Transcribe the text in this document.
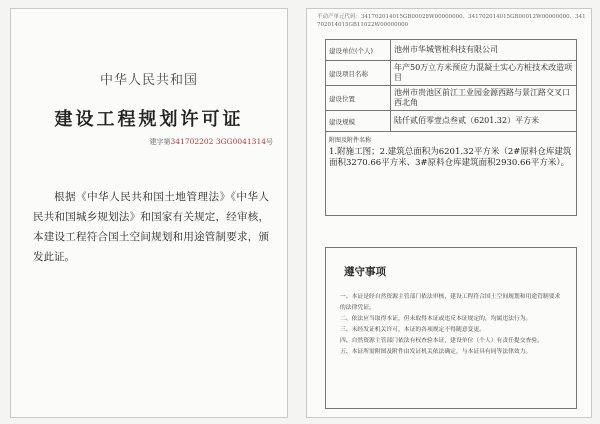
中华人民共和国
建设工程规划许可证
建字第341702202 3GG0041314号
根据《中华人民共和国土地管理法》《中华人民共和国城乡规划法》和国家有关规定，经审核，本建设工程符合国土空间规划和用途管制要求，颁发此证。
不动产单元代码：341702014015GB00028W00000000、341702014015GB00012W00000000、341702014015GB11022W00000000
建设单位(个人)	池州市华城管桩科技有限公司
建设项目名称	年产50万立方米预应力混凝土实心方桩技术改造项目
建设位置	池州市贵池区前江工业园金源西路与景江路交叉口西北角
建设规模	陆仟贰佰零壹点叁贰（6201.32）平方米

附图及附件名称
1.附施工图；2.建筑总面积为6201.32平方米（2#原料仓库建筑面积3270.66平方米、3#原料仓库建筑面积2930.66平方米）。	
遵守事项
一、本证是经自然资源主管部门依法审核，建设工程符合国土空间规划和用途管制要求的法律凭证。
二、依法应当取得本证，但未取得本证或违反本证规定的，均属违法行为。
三、未经发证机关许可，本证的各项规定不得随意变更。
四、自然资源主管部门依法有权查验本证，建设单位（个人）有责任提交查验。
五、本证所需附图及附件由发证机关依法确定，与本证具有同等法律效力。
